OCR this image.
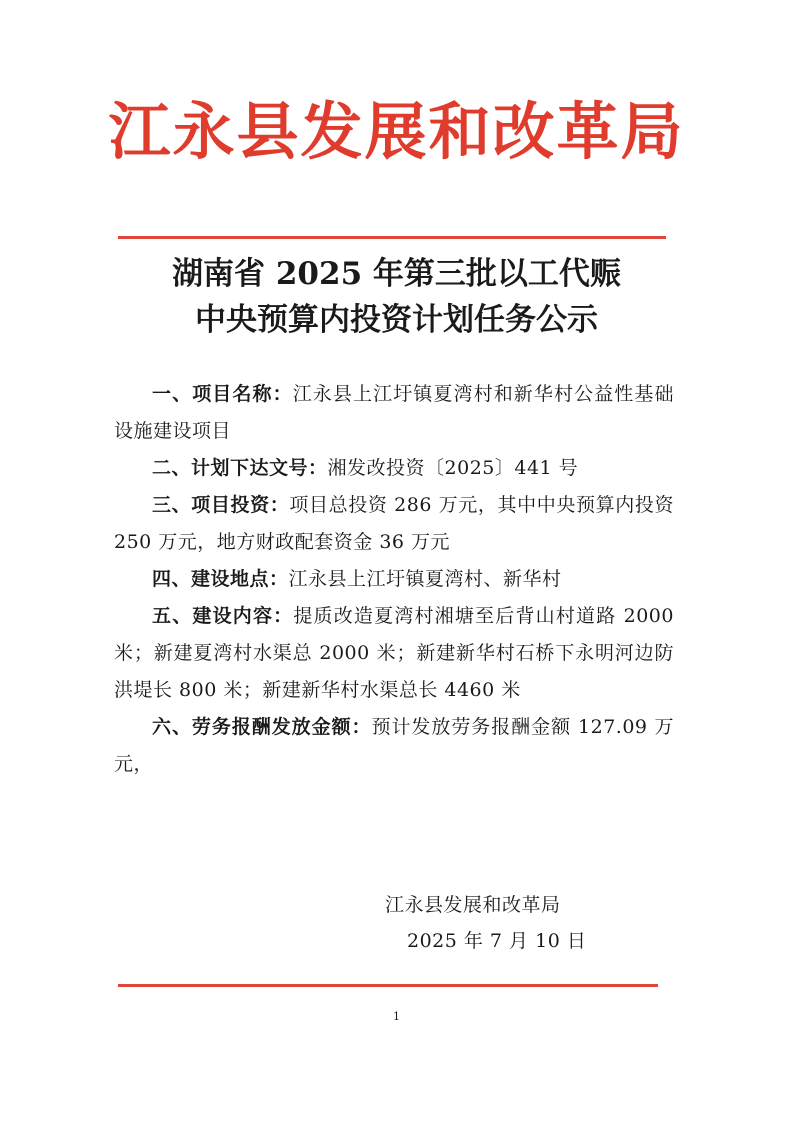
江永县发展和改革局
湖南省 2025 年第三批以工代赈
中央预算内投资计划任务公示

一、项目名称：江永县上江圩镇夏湾村和新华村公益性基础设施建设项目

二、计划下达文号：湘发改投资〔2025〕441 号

三、项目投资：项目总投资 286 万元，其中中央预算内投资 250 万元，地方财政配套资金 36 万元

四、建设地点：江永县上江圩镇夏湾村、新华村

五、建设内容：提质改造夏湾村湘塘至后背山村道路 2000 米；新建夏湾村水渠总 2000 米；新建新华村石桥下永明河边防洪堤长 800 米；新建新华村水渠总长 4460 米

六、劳务报酬发放金额：预计发放劳务报酬金额 127.09 万元，

江永县发展和改革局
2025 年 7 月 10 日
1
